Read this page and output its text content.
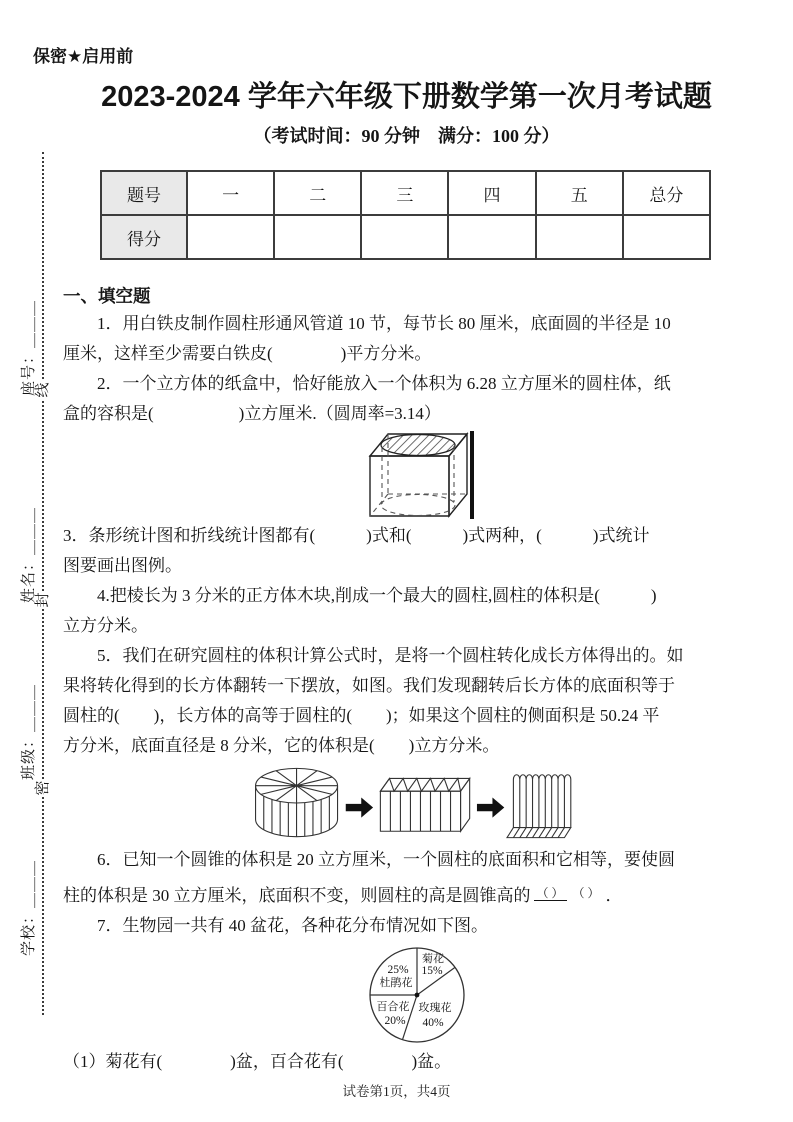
线
封
密
座号：＿＿＿
姓名：＿＿＿
班级：＿＿＿
学校：＿＿＿
保密★启用前
2023-2024 学年六年级下册数学第一次月考试题
（考试时间：90 分钟　满分：100 分）
题号	一	二	三	四	五	总分
得分						
一、填空题
1．用白铁皮制作圆柱形通风管道 10 节，每节长 80 厘米，底面圆的半径是 10
厘米，这样至少需要白铁皮(　　　　)平方分米。
2．一个立方体的纸盒中，恰好能放入一个体积为 6.28 立方厘米的圆柱体，纸
盒的容积是(　　　　　)立方厘米.（圆周率=3.14）
3．条形统计图和折线统计图都有(　　　)式和(　　　)式两种，(　　　)式统计
图要画出图例。
4.把棱长为 3 分米的正方体木块,削成一个最大的圆柱,圆柱的体积是(　　　)
立方分米。
5．我们在研究圆柱的体积计算公式时，是将一个圆柱转化成长方体得出的。如
果将转化得到的长方体翻转一下摆放，如图。我们发现翻转后长方体的底面积等于
圆柱的(　　)，长方体的高等于圆柱的(　　)；如果这个圆柱的侧面积是 50.24 平
方分米，底面直径是 8 分米，它的体积是(　　)立方分米。
6．已知一个圆锥的体积是 20 立方厘米，一个圆柱的底面积和它相等，要使圆
柱的体积是 30 立方厘米，底面积不变，则圆柱的高是圆锥高的 （ ） （ ） ．
7．生物园一共有 40 盆花，各种花分布情况如下图。
菊花
15%
25%
杜鹃花
百合花
20%
玫瑰花
40%
（1）菊花有(　　　　)盆，百合花有(　　　　)盆。
试卷第1页，共4页
